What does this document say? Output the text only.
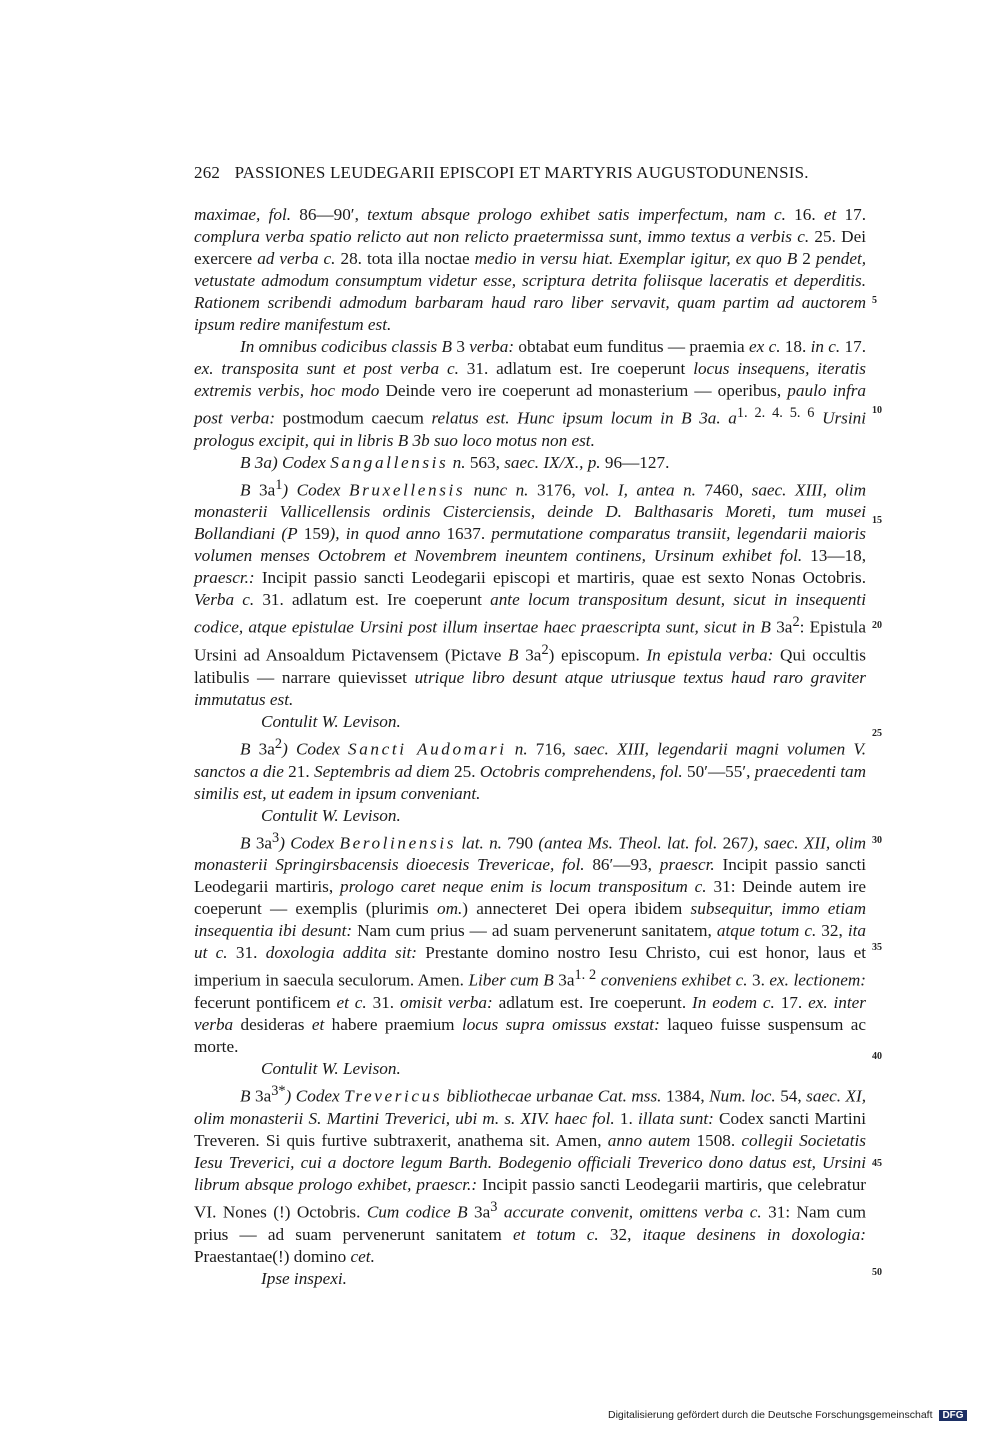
262 PASSIONES LEUDEGARII EPISCOPI ET MARTYRIS AUGUSTODUNENSIS.

maximae, fol. 86—90′, textum absque prologo exhibet satis imperfectum, nam c. 16. et 17. complura verba spatio relicto aut non relicto praetermissa sunt, immo textus a verbis c. 25. Dei exercere ad verba c. 28. tota illa noctae medio in versu hiat. Exemplar igitur, ex quo B 2 pendet, vetustate admodum consumptum videtur esse, scriptura detrita foliisque laceratis et deperditis. Rationem scribendi admodum barbaram haud raro liber servavit, quam partim ad auctorem ipsum redire manifestum est.

In omnibus codicibus classis B 3 verba: obtabat eum funditus — praemia ex c. 18. in c. 17. ex. transposita sunt et post verba c. 31. adlatum est. Ire coeperunt locus insequens, iteratis extremis verbis, hoc modo Deinde vero ire coeperunt ad monasterium — operibus, paulo infra post verba: postmodum caecum relatus est. Hunc ipsum locum in B 3a. $a^{1. 2. 4. 5. 6}$ Ursini prologus excipit, qui in libris B 3b suo loco motus non est.

B 3a) Codex Sangallensis n. 563, saec. IX/X., p. 96—127.

B $3a^1$) Codex Bruxellensis nunc n. 3176, vol. I, antea n. 7460, saec. XIII, olim monasterii Vallicellensis ordinis Cisterciensis, deinde D. Balthasaris Moreti, tum musei Bollandiani (P 159), in quod anno 1637. permutatione comparatus transiit, legendarii maioris volumen menses Octobrem et Novembrem ineuntem continens, Ursinum exhibet fol. 13—18, praescr.: Incipit passio sancti Leodegarii episcopi et martiris, quae est sexto Nonas Octobris. Verba c. 31. adlatum est. Ire coeperunt ante locum transpositum desunt, sicut in insequenti codice, atque epistulae Ursini post illum insertae haec praescripta sunt, sicut in B $3a^2$: Epistula Ursini ad Ansoaldum Pictavensem (Pictave B $3a^2$) episcopum. In epistula verba: Qui occultis latibulis — narrare quievisset utrique libro desunt atque utriusque textus haud raro graviter immutatus est.

Contulit W. Levison.

B $3a^2$) Codex Sancti Audomari n. 716, saec. XIII, legendarii magni volumen V. sanctos a die 21. Septembris ad diem 25. Octobris comprehendens, fol. 50′—55′, praecedenti tam similis est, ut eadem in ipsum conveniant.

Contulit W. Levison.

B $3a^3$) Codex Berolinensis lat. n. 790 (antea Ms. Theol. lat. fol. 267), saec. XII, olim monasterii Springirsbacensis dioecesis Trevericae, fol. 86′—93, praescr. Incipit passio sancti Leodegarii martiris, prologo caret neque enim is locum transpositum c. 31: Deinde autem ire coeperunt — exemplis (plurimis om.) annecteret Dei opera ibidem subsequitur, immo etiam insequentia ibi desunt: Nam cum prius — ad suam pervenerunt sanitatem, atque totum c. 32, ita ut c. 31. doxologia addita sit: Prestante domino nostro Iesu Christo, cui est honor, laus et imperium in saecula seculorum. Amen. Liber cum B $3a^{1. 2}$ conveniens exhibet c. 3. ex. lectionem: fecerunt pontificem et c. 31. omisit verba: adlatum est. Ire coeperunt. In eodem c. 17. ex. inter verba desideras et habere praemium locus supra omissus exstat: laqueo fuisse suspensum ac morte.

Contulit W. Levison.

B $3a^{3*}$) Codex Trevericus bibliothecae urbanae Cat. mss. 1384, Num. loc. 54, saec. XI, olim monasterii S. Martini Treverici, ubi m. s. XIV. haec fol. 1. illata sunt: Codex sancti Martini Treveren. Si quis furtive subtraxerit, anathema sit. Amen, anno autem 1508. collegii Societatis Iesu Treverici, cui a doctore legum Barth. Bodegenio officiali Treverico dono datus est, Ursini librum absque prologo exhibet, praescr.: Incipit passio sancti Leodegarii martiris, que celebratur VI. Nones (!) Octobris. Cum codice B $3a^3$ accurate convenit, omittens verba c. 31: Nam cum prius — ad suam pervenerunt sanitatem et totum c. 32, itaque desinens in doxologia: Praestantae(!) domino cet.

Ipse inspexi.

5
10
15
20
25
30
35
40
45
50
Digitalisierung gefördert durch die Deutsche Forschungsgemeinschaft DFG
